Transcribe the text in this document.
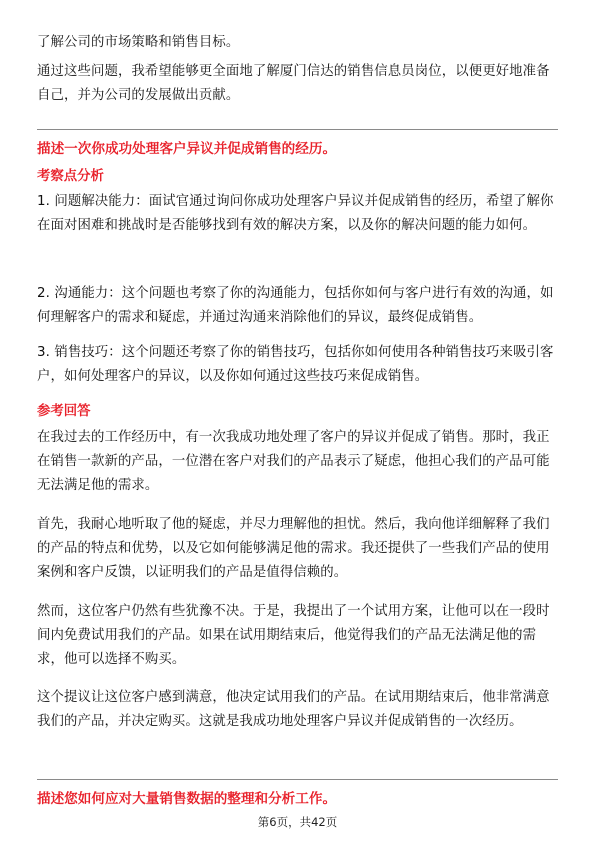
了解公司的市场策略和销售目标。

通过这些问题，我希望能够更全面地了解厦门信达的销售信息员岗位，以便更好地准备自己，并为公司的发展做出贡献。

描述一次你成功处理客户异议并促成销售的经历。

考察点分析

1. 问题解决能力：面试官通过询问你成功处理客户异议并促成销售的经历，希望了解你在面对困难和挑战时是否能够找到有效的解决方案，以及你的解决问题的能力如何。

2. 沟通能力：这个问题也考察了你的沟通能力，包括你如何与客户进行有效的沟通，如何理解客户的需求和疑虑，并通过沟通来消除他们的异议，最终促成销售。

3. 销售技巧：这个问题还考察了你的销售技巧，包括你如何使用各种销售技巧来吸引客户，如何处理客户的异议，以及你如何通过这些技巧来促成销售。

参考回答

在我过去的工作经历中，有一次我成功地处理了客户的异议并促成了销售。那时，我正在销售一款新的产品，一位潜在客户对我们的产品表示了疑虑，他担心我们的产品可能无法满足他的需求。

首先，我耐心地听取了他的疑虑，并尽力理解他的担忧。然后，我向他详细解释了我们的产品的特点和优势，以及它如何能够满足他的需求。我还提供了一些我们产品的使用案例和客户反馈，以证明我们的产品是值得信赖的。

然而，这位客户仍然有些犹豫不决。于是，我提出了一个试用方案，让他可以在一段时间内免费试用我们的产品。如果在试用期结束后，他觉得我们的产品无法满足他的需求，他可以选择不购买。

这个提议让这位客户感到满意，他决定试用我们的产品。在试用期结束后，他非常满意我们的产品，并决定购买。这就是我成功地处理客户异议并促成销售的一次经历。

描述您如何应对大量销售数据的整理和分析工作。

第6页，共42页
